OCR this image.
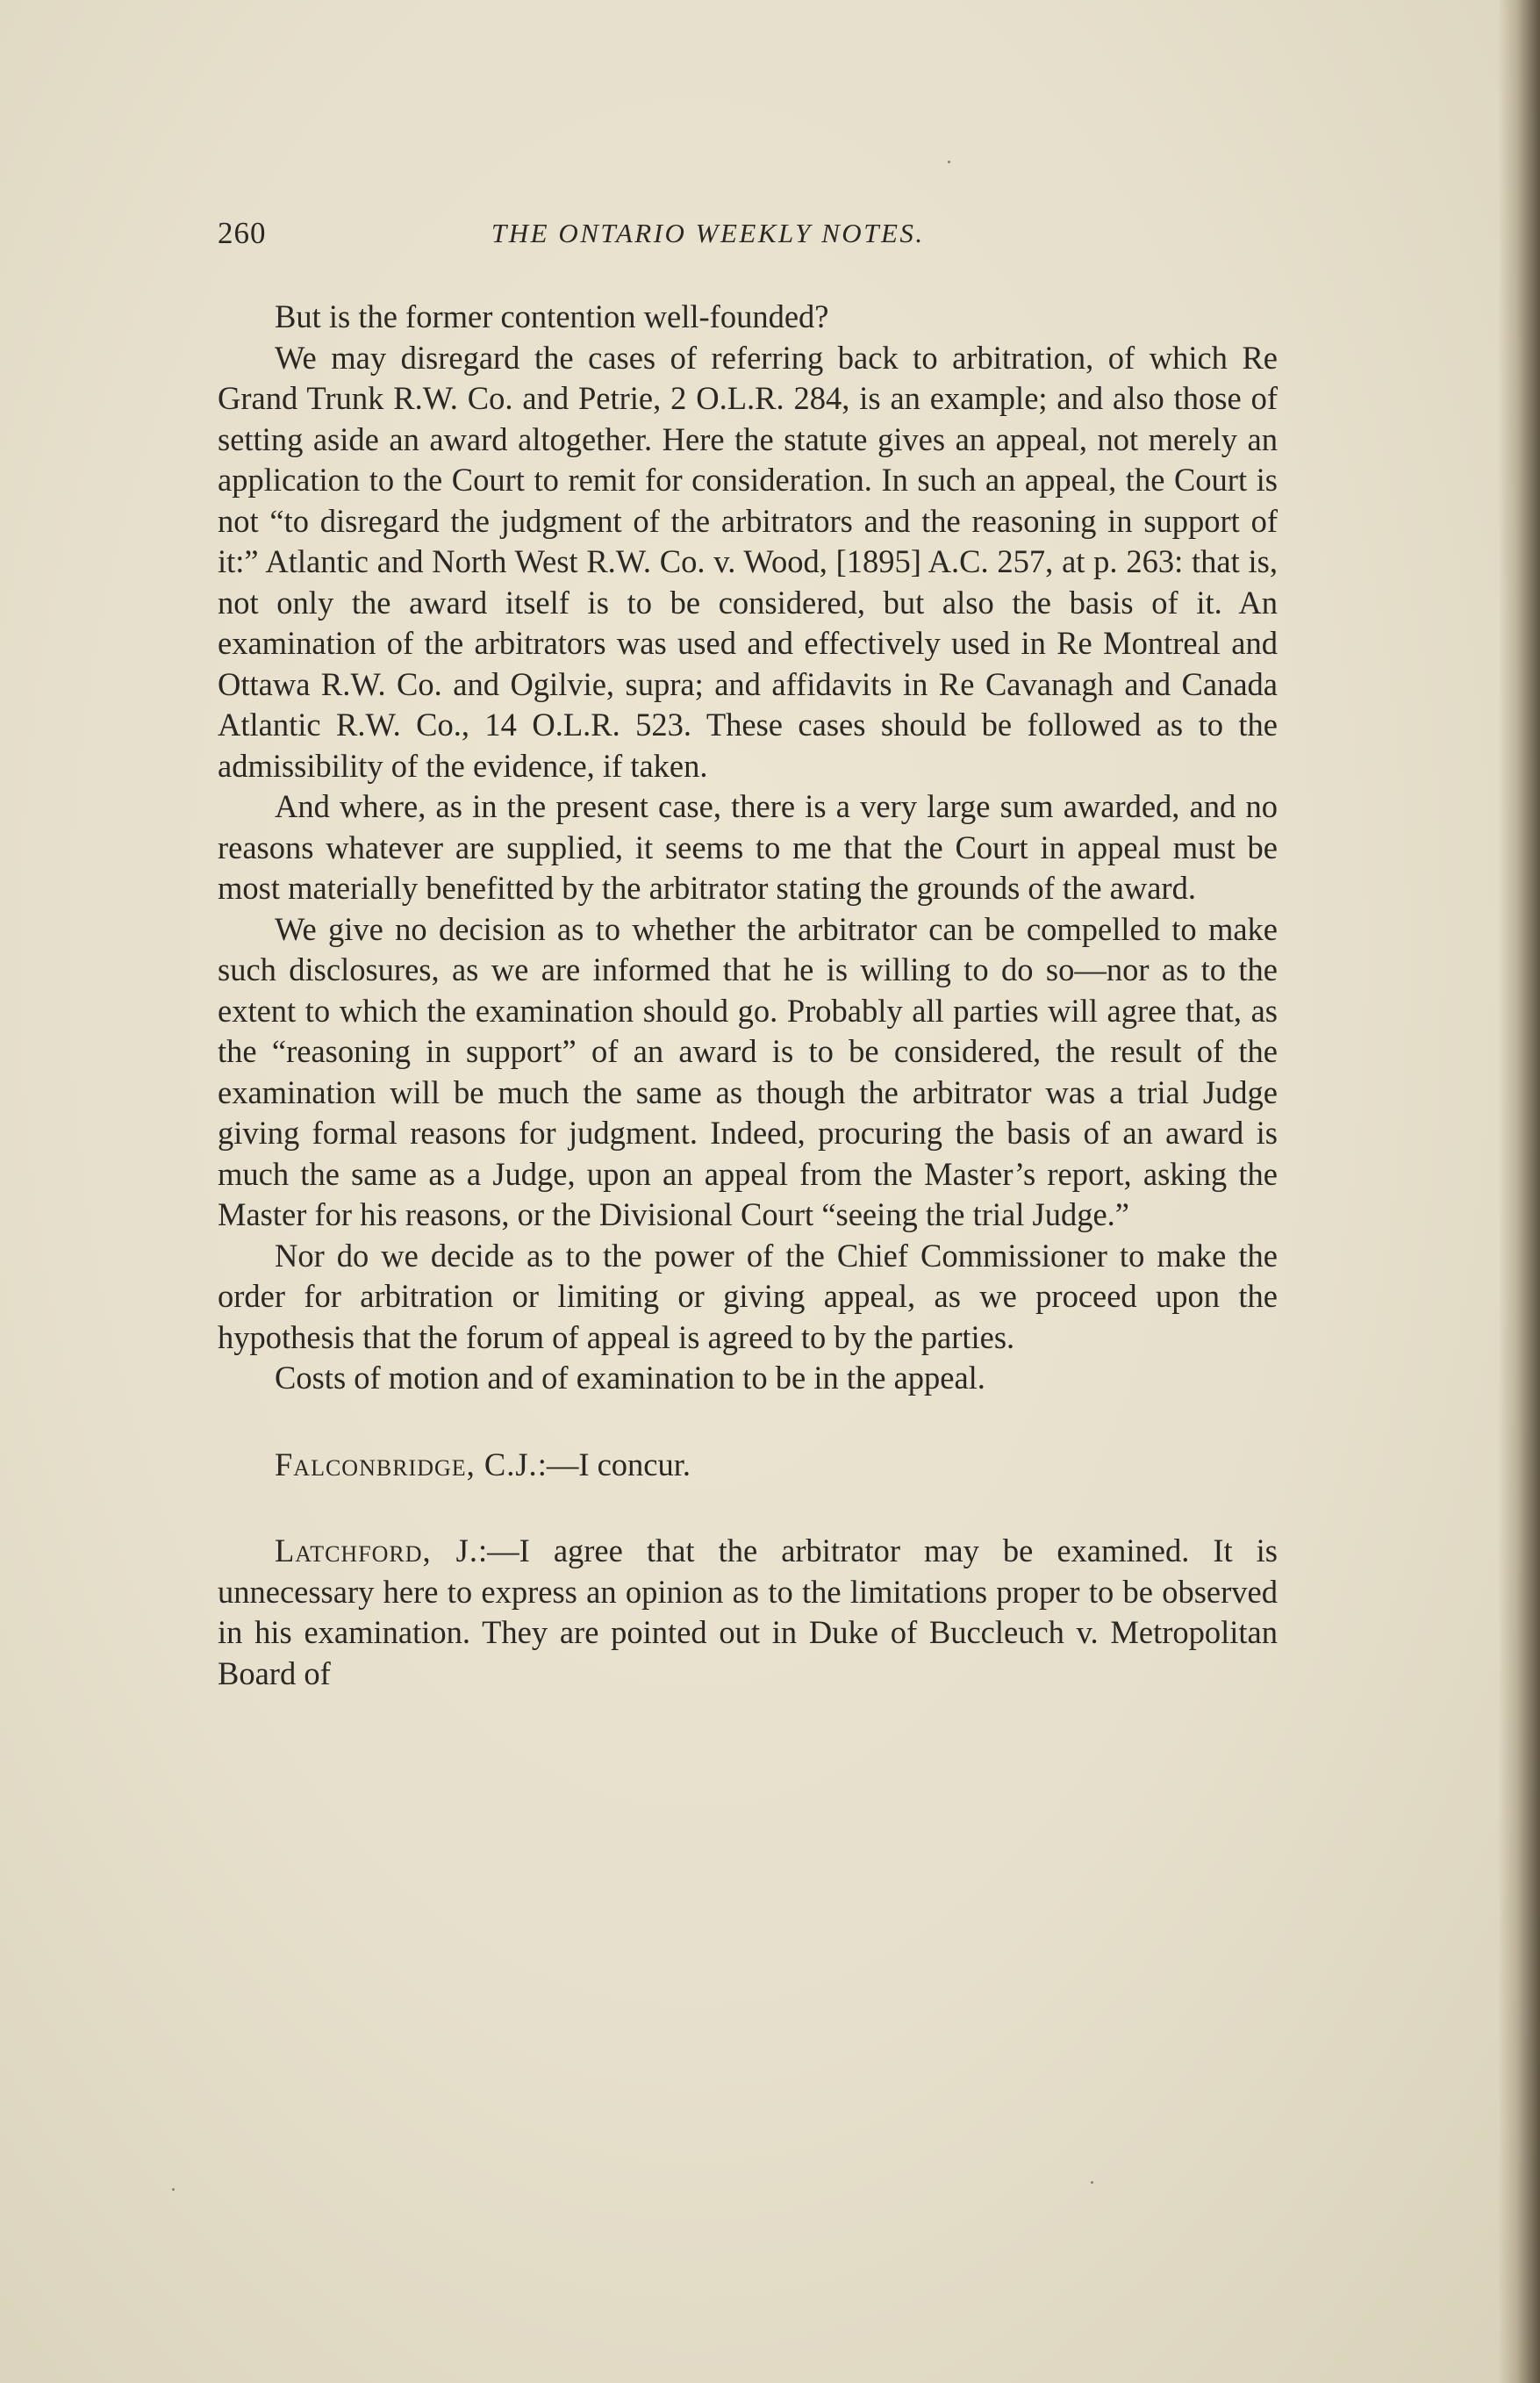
260	THE ONTARIO WEEKLY NOTES.

But is the former contention well-founded?

We may disregard the cases of referring back to arbitration, of which Re Grand Trunk R.W. Co. and Petrie, 2 O.L.R. 284, is an example; and also those of setting aside an award altogether. Here the statute gives an appeal, not merely an application to the Court to remit for consideration. In such an appeal, the Court is not “to disregard the judgment of the arbitrators and the reasoning in support of it:” Atlantic and North West R.W. Co. v. Wood, [1895] A.C. 257, at p. 263: that is, not only the award itself is to be considered, but also the basis of it. An examination of the arbitrators was used and effectively used in Re Montreal and Ottawa R.W. Co. and Ogilvie, supra; and affidavits in Re Cavanagh and Canada Atlantic R.W. Co., 14 O.L.R. 523. These cases should be followed as to the admissibility of the evidence, if taken.

And where, as in the present case, there is a very large sum awarded, and no reasons whatever are supplied, it seems to me that the Court in appeal must be most materially benefitted by the arbitrator stating the grounds of the award.

We give no decision as to whether the arbitrator can be compelled to make such disclosures, as we are informed that he is willing to do so—nor as to the extent to which the examination should go. Probably all parties will agree that, as the “reasoning in support” of an award is to be considered, the result of the examination will be much the same as though the arbitrator was a trial Judge giving formal reasons for judgment. Indeed, procuring the basis of an award is much the same as a Judge, upon an appeal from the Master’s report, asking the Master for his reasons, or the Divisional Court “seeing the trial Judge.”

Nor do we decide as to the power of the Chief Commissioner to make the order for arbitration or limiting or giving appeal, as we proceed upon the hypothesis that the forum of appeal is agreed to by the parties.

Costs of motion and of examination to be in the appeal.

Falconbridge, C.J.:—I concur.

Latchford, J.:—I agree that the arbitrator may be examined. It is unnecessary here to express an opinion as to the limitations proper to be observed in his examination. They are pointed out in Duke of Buccleuch v. Metropolitan Board of
